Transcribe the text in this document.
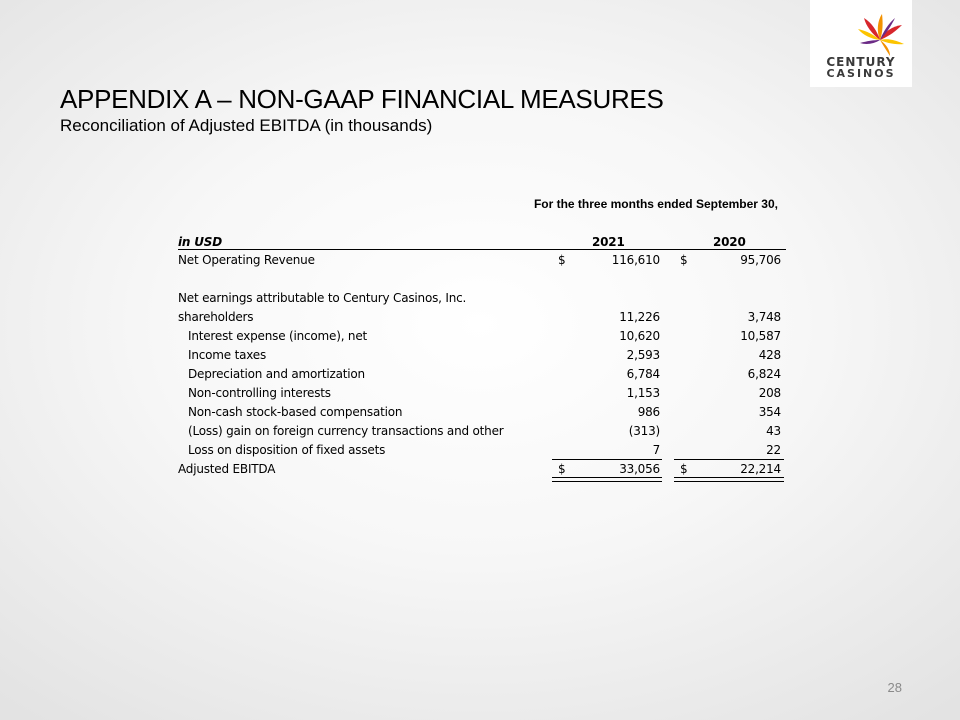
CENTURY
CASINOS
APPENDIX A – NON-GAAP FINANCIAL MEASURES
Reconciliation of Adjusted EBITDA (in thousands)
For the three months ended September 30,
in USD	2021	2020
Net Operating Revenue	$	116,610 $	95,706
Net earnings attributable to Century Casinos, Inc.
shareholders	11,226	3,748
Interest expense (income), net	10,620	10,587
Income taxes	2,593	428
Depreciation and amortization	6,784	6,824
Non-controlling interests	1,153	208
Non-cash stock-based compensation	986	354
(Loss) gain on foreign currency transactions and other	(313)	43
Loss on disposition of fixed assets	7	22
Adjusted EBITDA	$	33,056 $	22,214
28
